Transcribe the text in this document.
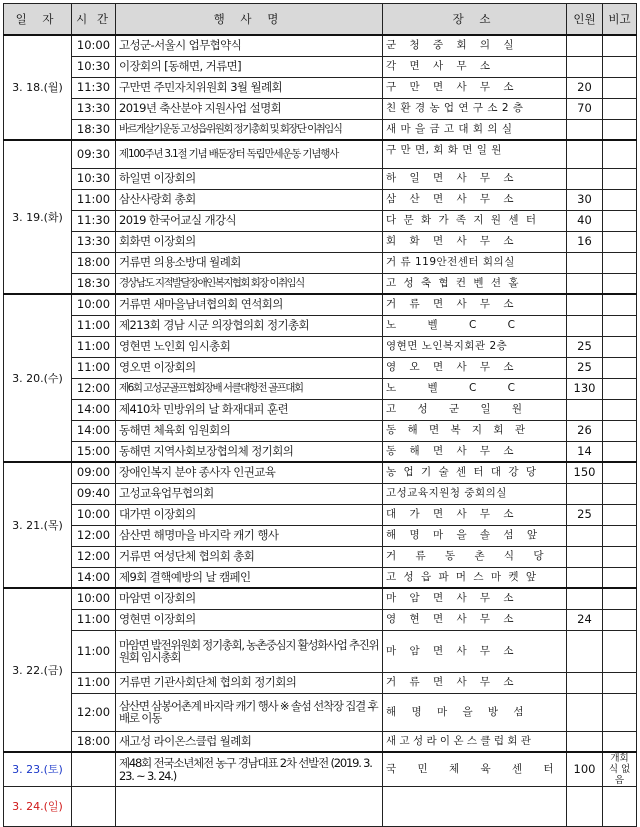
일 자	시 간	행 사 명	장 소	인원	비고
3. 18.(월)	10:00	고성군-서울시 업무협약식	군 청 중 회 의 실		
	10:30	이장회의 [동해면, 거류면]	각 면 사 무 소		
	11:30	구만면 주민자치위원회 3월 월례회	구 만 면 사 무 소	20	
	13:30	2019년 축산분야 지원사업 설명회	친 환 경 농 업 연 구 소 2 층	70	
	18:30	바르게살기운동 고성읍위원회 정기총회 및 회장단 이취임식	새 마 을 금 고 대 회 의 실		
3. 19.(화)	09:30	제100주년 3.1절 기념 배둔장터 독립만세운동 기념행사	구 만 면, 회 화 면 일 원		
	10:30	하일면 이장회의	하 일 면 사 무 소		
	11:00	삼산사랑회 총회	삼 산 면 사 무 소	30	
	11:30	2019 한국어교실 개강식	다 문 화 가 족 지 원 센 터	40	
	13:30	회화면 이장회의	회 화 면 사 무 소	16	
	18:00	거류면 의용소방대 월례회	거 류 119안전센터 회의실		
	18:30	경상남도 지적발달장애인복지협회 회장 이취임식	고 성 축 협 컨 벤 션 홀		
3. 20.(수)	10:00	거류면 새마을남녀협의회 연석회의	거 류 면 사 무 소		
	11:00	제213회 경남 시군 의장협의회 정기총회	노 벨 C C		
	11:00	영현면 노인회 임시총회	영현면 노인복지회관 2층	25	
	11:00	영오면 이장회의	영 오 면 사 무 소	25	
	12:00	제6회 고성군골프협회장배 서클대항전 골프대회	노 벨 C C	130	
	14:00	제410차 민방위의 날 화재대피 훈련	고 성 군 일 원		
	14:00	동해면 체육회 임원회의	동 해 면 복 지 회 관	26	
	15:00	동해면 지역사회보장협의체 정기회의	동 해 면 사 무 소	14	
3. 21.(목)	09:00	장애인복지 분야 종사자 인권교육	농 업 기 술 센 터 대 강 당	150	
	09:40	고성교육업무협의회	고성교육지원청 중회의실		
	10:00	대가면 이장회의	대 가 면 사 무 소	25	
	12:00	삼산면 해명마을 바지락 캐기 행사	해 명 마 을 솔 섬 앞		
	12:00	거류면 여성단체 협의회 총회	거 류 동 촌 식 당		
	14:00	제9회 결핵예방의 날 캠페인	고 성 읍 파 머 스 마 켓 앞		
3. 22.(금)	10:00	마암면 이장회의	마 암 면 사 무 소		
	11:00	영현면 이장회의	영 현 면 사 무 소	24	
	11:00	마암면 발전위원회 정기총회, 농촌중심지 활성화사업 추진위원회 임시총회	마 암 면 사 무 소		
	11:00	거류면 기관사회단체 협의회 정기회의	거 류 면 사 무 소		
	12:00	삼산면 삼봉어촌계 바지락 캐기 행사 ※ 솔섬 선착장 집결 후 배로 이동	해 명 마 을 방 섬		
	18:00	새고성 라이온스클럽 월례회	새 고 성 라 이 온 스 클 럽 회 관		
3. 23.(토)		제48회 전국소년체전 농구 경남대표 2차 선발전 (2019. 3. 23. ~ 3. 24.)	국 민 체 육 센 터	100	개회식 없음
3. 24.(일)					
